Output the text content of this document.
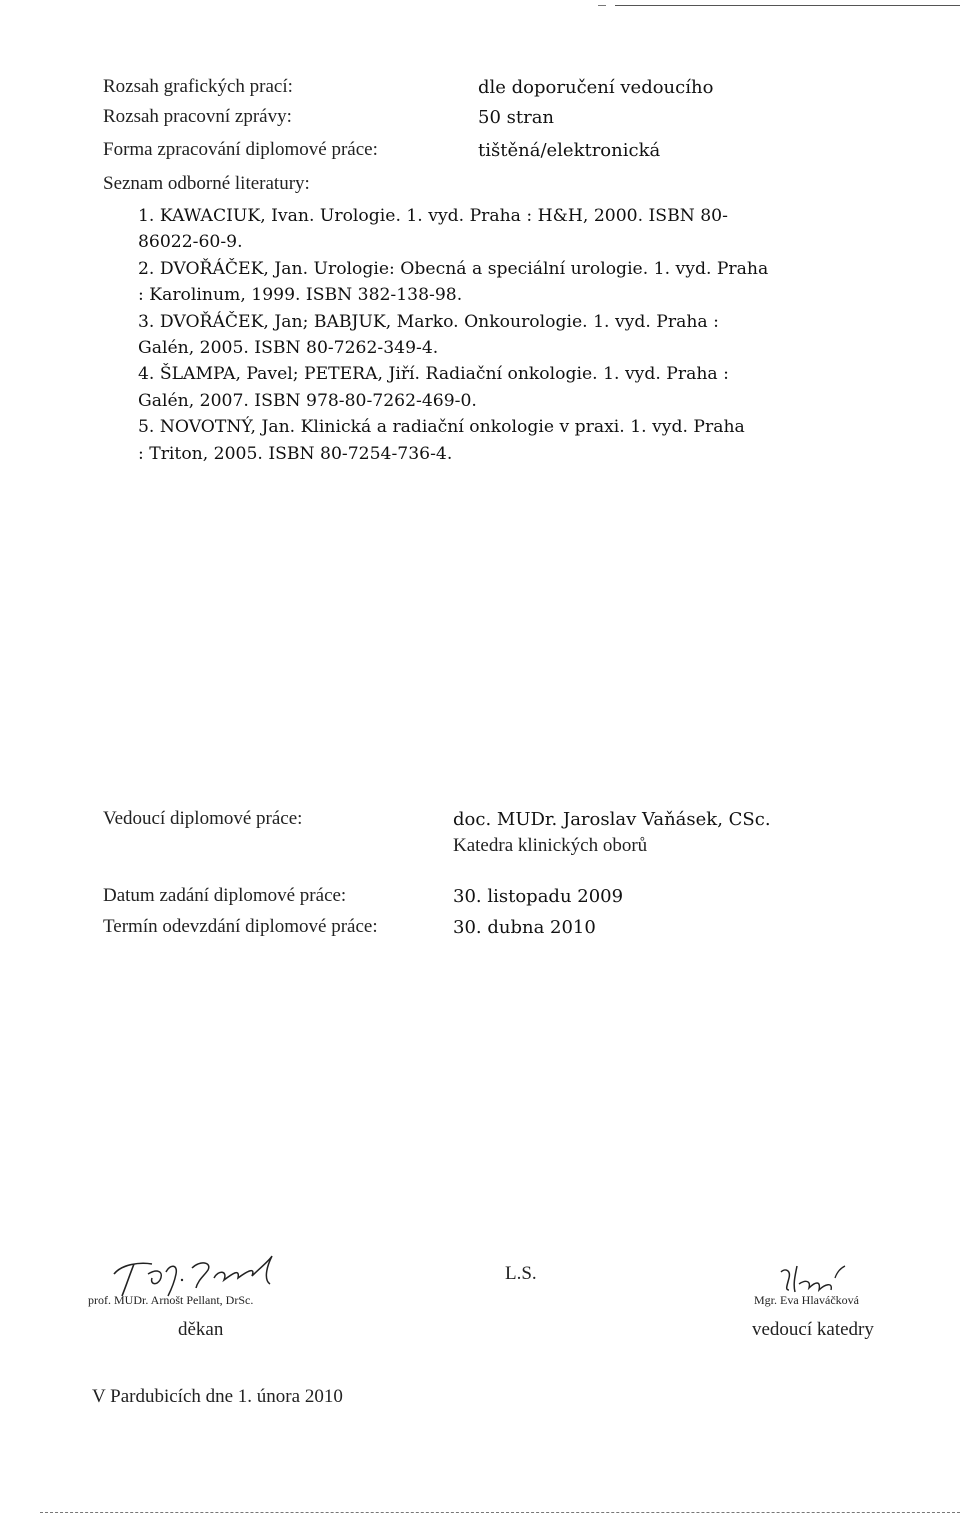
Rozsah grafických prací:	dle doporučení vedoucího
Rozsah pracovní zprávy:	50 stran
Forma zpracování diplomové práce:	tištěná/elektronická
Seznam odborné literatury:
1. KAWACIUK, Ivan. Urologie. 1. vyd. Praha : H&H, 2000. ISBN 80-
86022-60-9.
2. DVOŘÁČEK, Jan. Urologie: Obecná a speciální urologie. 1. vyd. Praha
: Karolinum, 1999. ISBN 382-138-98.
3. DVOŘÁČEK, Jan; BABJUK, Marko. Onkourologie. 1. vyd. Praha :
Galén, 2005. ISBN 80-7262-349-4.
4. ŠLAMPA, Pavel; PETERA, Jiří. Radiační onkologie. 1. vyd. Praha :
Galén, 2007. ISBN 978-80-7262-469-0.
5. NOVOTNÝ, Jan. Klinická a radiační onkologie v praxi. 1. vyd. Praha
: Triton, 2005. ISBN 80-7254-736-4.
Vedoucí diplomové práce:	doc. MUDr. Jaroslav Vaňásek, CSc.
Katedra klinických oborů
Datum zadání diplomové práce:	30. listopadu 2009
Termín odevzdání diplomové práce:	30. dubna 2010
prof. MUDr. Arnošt Pellant, DrSc.
děkan
L.S.
Mgr. Eva Hlaváčková
vedoucí katedry
V Pardubicích dne 1. února 2010
